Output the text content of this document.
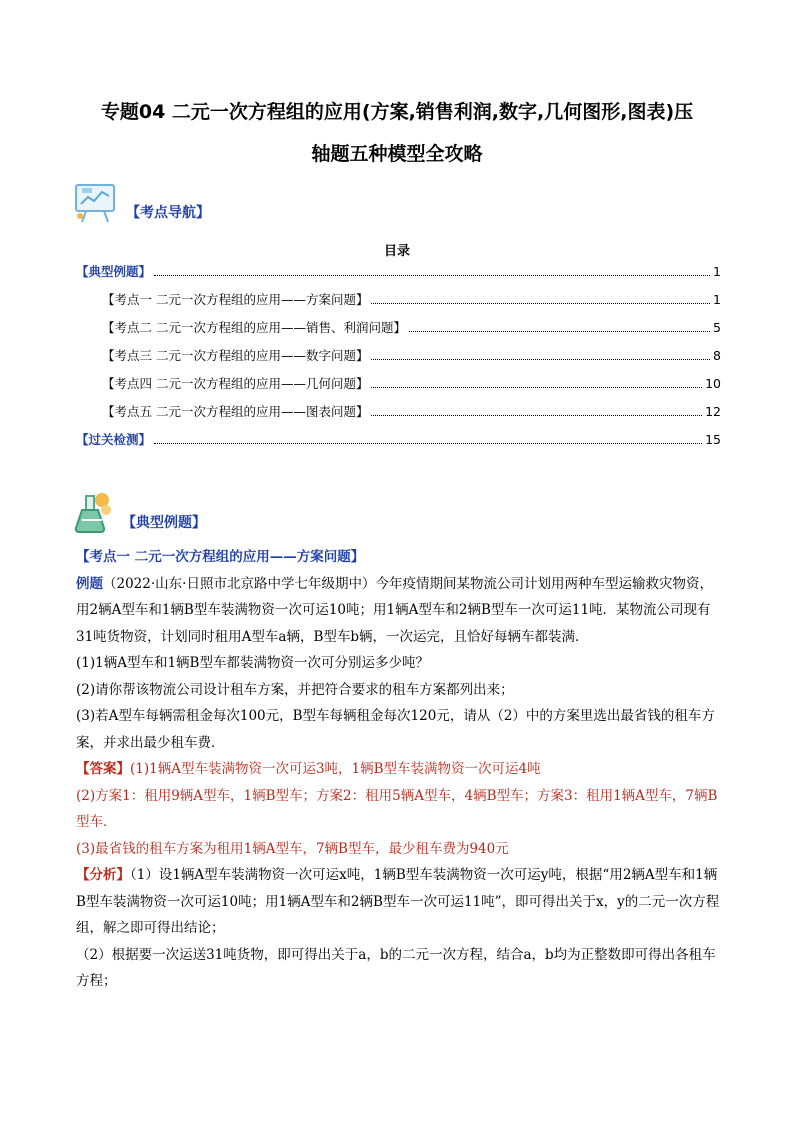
专题04 二元一次方程组的应用(方案,销售利润,数字,几何图形,图表)压
轴题五种模型全攻略
【考点导航】
目录
【典型例题】	1
【考点一 二元一次方程组的应用——方案问题】	1
【考点二 二元一次方程组的应用——销售、利润问题】	5
【考点三 二元一次方程组的应用——数字问题】	8
【考点四 二元一次方程组的应用——几何问题】	10
【考点五 二元一次方程组的应用——图表问题】	12
【过关检测】	15
【典型例题】

【考点一 二元一次方程组的应用——方案问题】

例题（2022·山东·日照市北京路中学七年级期中）今年疫情期间某物流公司计划用两种车型运输救灾物资，用2辆A型车和1辆B型车装满物资一次可运10吨；用1辆A型车和2辆B型车一次可运11吨．某物流公司现有31吨货物资，计划同时租用A型车a辆，B型车b辆，一次运完，且恰好每辆车都装满．

(1)1辆A型车和1辆B型车都装满物资一次可分别运多少吨？

(2)请你帮该物流公司设计租车方案，并把符合要求的租车方案都列出来；

(3)若A型车每辆需租金每次100元，B型车每辆租金每次120元，请从（2）中的方案里选出最省钱的租车方案，并求出最少租车费．

【答案】(1)1辆A型车装满物资一次可运3吨，1辆B型车装满物资一次可运4吨

(2)方案1：租用9辆A型车，1辆B型车；方案2：租用5辆A型车，4辆B型车；方案3：租用1辆A型车，7辆B型车．

(3)最省钱的租车方案为租用1辆A型车，7辆B型车，最少租车费为940元

【分析】（1）设1辆A型车装满物资一次可运x吨，1辆B型车装满物资一次可运y吨，根据“用2辆A型车和1辆B型车装满物资一次可运10吨；用1辆A型车和2辆B型车一次可运11吨”，即可得出关于x，y的二元一次方程组，解之即可得出结论；

（2）根据要一次运送31吨货物，即可得出关于a，b的二元一次方程，结合a，b均为正整数即可得出各租车方程；
